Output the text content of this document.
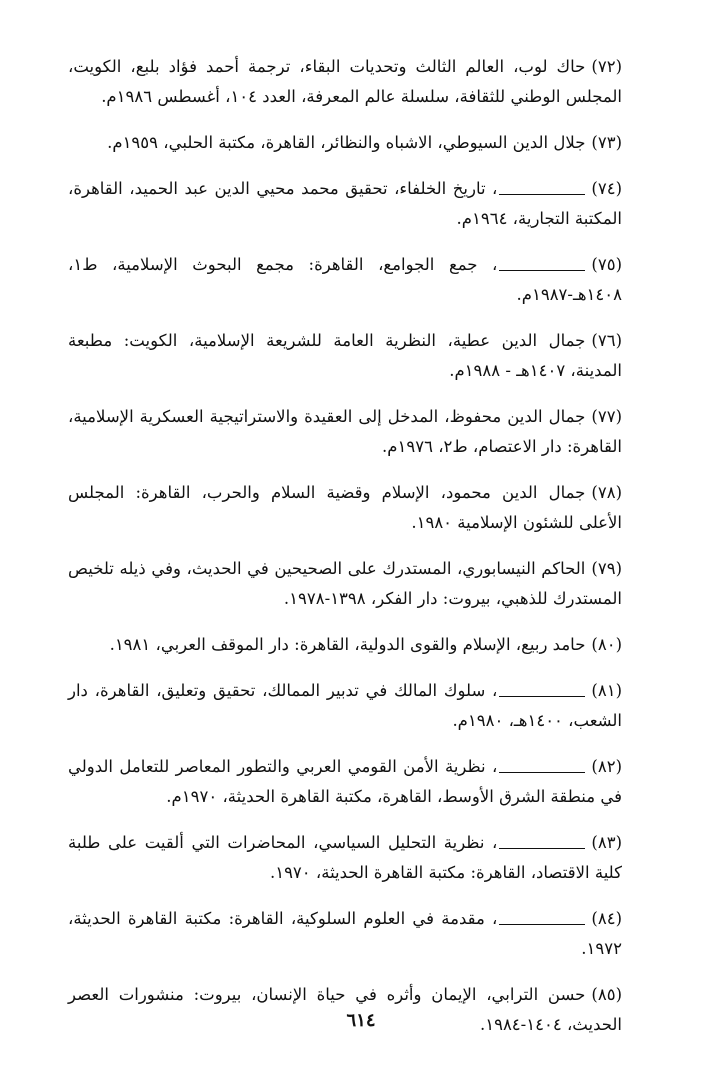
(٧٢)حاك لوب، العالم الثالث وتحديات البقاء، ترجمة أحمد فؤاد بلبع، الكويت، المجلس الوطني للثقافة، سلسلة عالم المعرفة، العدد ١٠٤، أغسطس ١٩٨٦م.

(٧٣)جلال الدين السيوطي، الاشباه والنظائر، القاهرة، مكتبة الحلبي، ١٩٥٩م.

(٧٤)، تاريخ الخلفاء، تحقيق محمد محيي الدين عبد الحميد، القاهرة، المكتبة التجارية، ١٩٦٤م.

(٧٥)، جمع الجوامع، القاهرة: مجمع البحوث الإسلامية، ط١، ١٤٠٨هـ-١٩٨٧م.

(٧٦)جمال الدين عطية، النظرية العامة للشريعة الإسلامية، الكويت: مطبعة المدينة، ١٤٠٧هـ - ١٩٨٨م.

(٧٧)جمال الدين محفوظ، المدخل إلى العقيدة والاستراتيجية العسكرية الإسلامية، القاهرة: دار الاعتصام، ط٢، ١٩٧٦م.

(٧٨)جمال الدين محمود، الإسلام وقضية السلام والحرب، القاهرة: المجلس الأعلى للشئون الإسلامية ١٩٨٠.

(٧٩)الحاكم النيسابوري، المستدرك على الصحيحين في الحديث، وفي ذيله تلخيص المستدرك للذهبي، بيروت: دار الفكر، ١٣٩٨-١٩٧٨.

(٨٠)حامد ربيع، الإسلام والقوى الدولية، القاهرة: دار الموقف العربي، ١٩٨١.

(٨١)، سلوك المالك في تدبير الممالك، تحقيق وتعليق، القاهرة، دار الشعب، ١٤٠٠هـ، ١٩٨٠م.

(٨٢)، نظرية الأمن القومي العربي والتطور المعاصر للتعامل الدولي في منطقة الشرق الأوسط، القاهرة، مكتبة القاهرة الحديثة، ١٩٧٠م.

(٨٣)، نظرية التحليل السياسي، المحاضرات التي ألقيت على طلبة كلية الاقتصاد، القاهرة: مكتبة القاهرة الحديثة، ١٩٧٠.

(٨٤)، مقدمة في العلوم السلوكية، القاهرة: مكتبة القاهرة الحديثة، ١٩٧٢.

(٨٥)حسن الترابي، الإيمان وأثره في حياة الإنسان، بيروت: منشورات العصر الحديث، ١٤٠٤-١٩٨٤.

٦١٤
